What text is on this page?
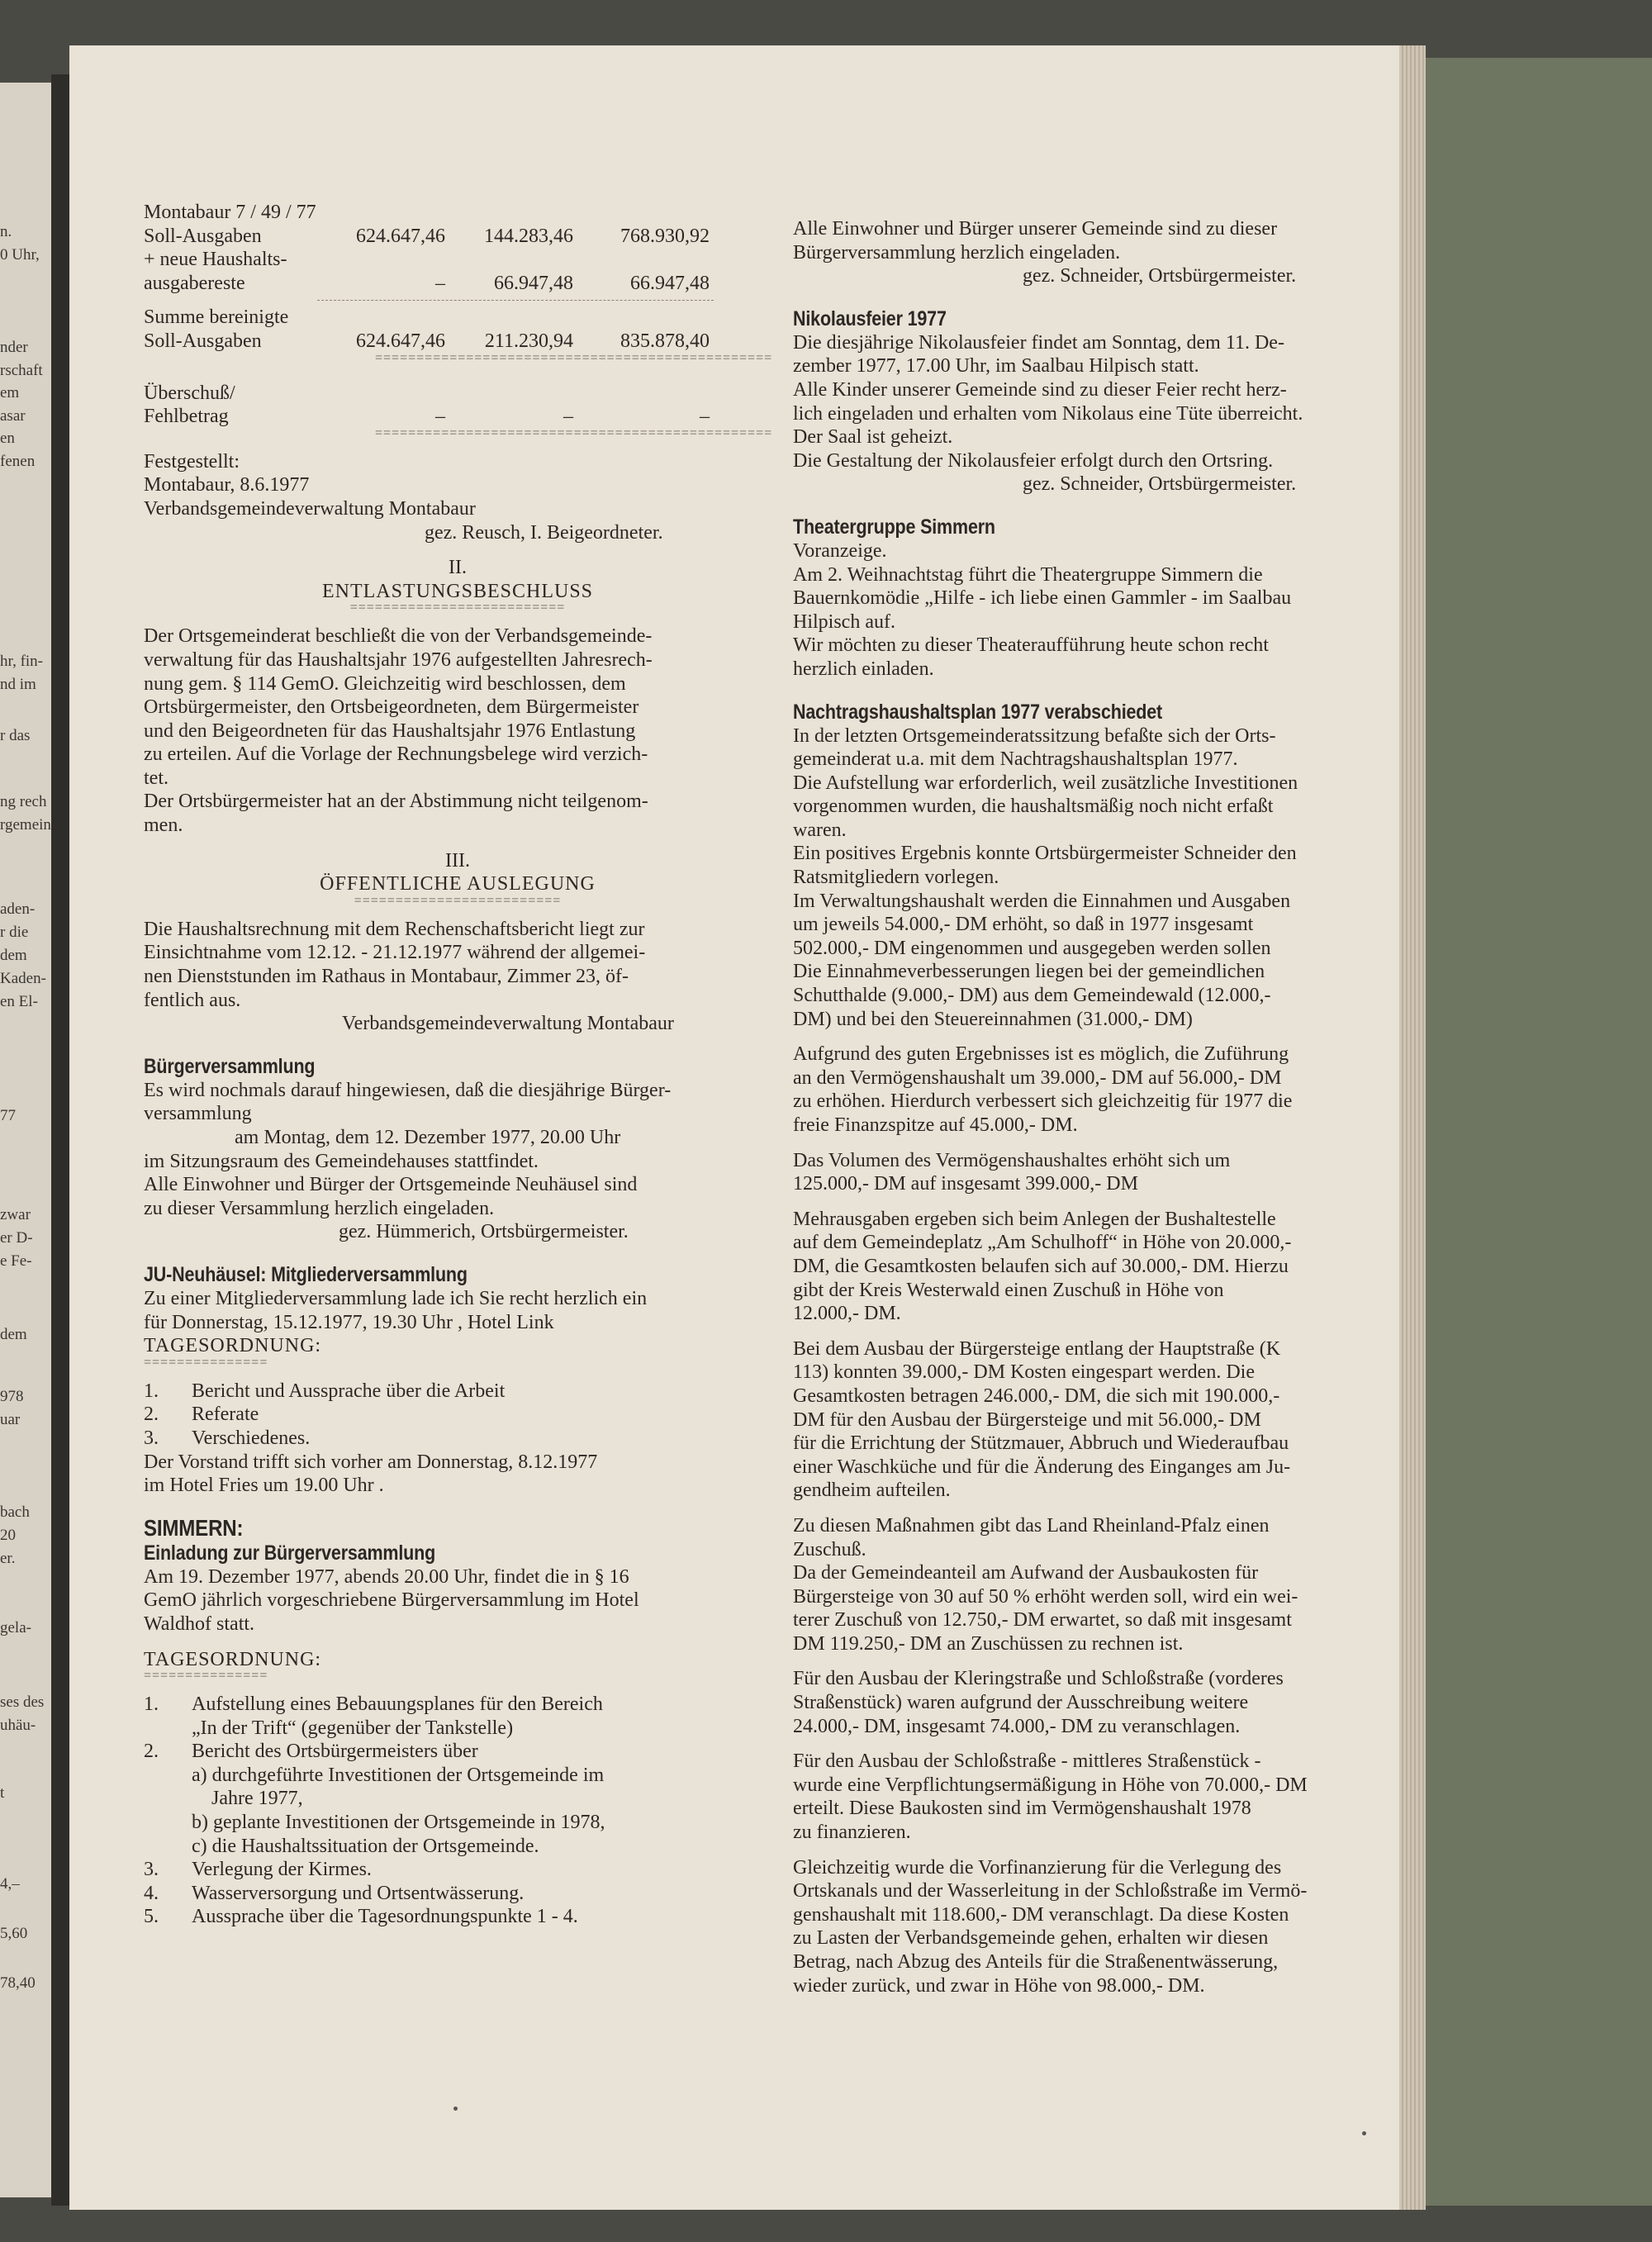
n.
0 Uhr,
nder
rschaft
em
asar
en
fenen
hr, fin-
nd im
r das
ng rech
rgemein
aden-
r die
dem
Kaden-
en El-
77
zwar
er D-
e Fe-
dem
978
uar
bach
20
er.
gela-
ses des
uhäu-
t
4,–
5,60
78,40
Montabaur 7 / 49 / 77
Soll-Ausgaben	624.647,46	144.283,46	768.930,92
+ neue Haushalts-			
ausgabereste	–	66.947,48	66.947,48
Summe bereinigte			
Soll-Ausgaben	624.647,46	211.230,94	835.878,40
================================================
Überschuß/			
Fehlbetrag	–	–	–
================================================
Festgestellt:
Montabaur, 8.6.1977
Verbandsgemeindeverwaltung Montabaur
gez. Reusch, I. Beigeordneter.
II.
ENTLASTUNGSBESCHLUSS
==========================
Der Ortsgemeinderat beschließt die von der Verbandsgemeinde-
verwaltung für das Haushaltsjahr 1976 aufgestellten Jahresrech-
nung gem. § 114 GemO. Gleichzeitig wird beschlossen, dem
Ortsbürgermeister, den Ortsbeigeordneten, dem Bürgermeister
und den Beigeordneten für das Haushaltsjahr 1976 Entlastung
zu erteilen. Auf die Vorlage der Rechnungsbelege wird verzich-
tet.
Der Ortsbürgermeister hat an der Abstimmung nicht teilgenom-
men.
III.
ÖFFENTLICHE AUSLEGUNG
=========================
Die Haushaltsrechnung mit dem Rechenschaftsbericht liegt zur
Einsichtnahme vom 12.12. - 21.12.1977 während der allgemei-
nen Dienststunden im Rathaus in Montabaur, Zimmer 23, öf-
fentlich aus.
Verbandsgemeindeverwaltung Montabaur
Bürgerversammlung
Es wird nochmals darauf hingewiesen, daß die diesjährige Bürger-
versammlung
am Montag, dem 12. Dezember 1977, 20.00 Uhr
im Sitzungsraum des Gemeindehauses stattfindet.
Alle Einwohner und Bürger der Ortsgemeinde Neuhäusel sind
zu dieser Versammlung herzlich eingeladen.
gez. Hümmerich, Ortsbürgermeister.
JU-Neuhäusel: Mitgliederversammlung
Zu einer Mitgliederversammlung lade ich Sie recht herzlich ein
für Donnerstag, 15.12.1977, 19.30 Uhr , Hotel Link
TAGESORDNUNG:
===============
1.	Bericht und Aussprache über die Arbeit
2.	Referate
3.	Verschiedenes.
Der Vorstand trifft sich vorher am Donnerstag, 8.12.1977
im Hotel Fries um 19.00 Uhr .
SIMMERN:
Einladung zur Bürgerversammlung
Am 19. Dezember 1977, abends 20.00 Uhr, findet die in § 16
GemO jährlich vorgeschriebene Bürgerversammlung im Hotel
Waldhof statt.
TAGESORDNUNG:
===============
1.	Aufstellung eines Bebauungsplanes für den Bereich
„In der Trift“ (gegenüber der Tankstelle)
2.	Bericht des Ortsbürgermeisters über
a) durchgeführte Investitionen der Ortsgemeinde im
Jahre 1977,
b) geplante Investitionen der Ortsgemeinde in 1978,
c) die Haushaltssituation der Ortsgemeinde.
3.	Verlegung der Kirmes.
4.	Wasserversorgung und Ortsentwässerung.
5.	Aussprache über die Tagesordnungspunkte 1 - 4.
Alle Einwohner und Bürger unserer Gemeinde sind zu dieser
Bürgerversammlung herzlich eingeladen.
gez. Schneider, Ortsbürgermeister.
Nikolausfeier 1977
Die diesjährige Nikolausfeier findet am Sonntag, dem 11. De-
zember 1977, 17.00 Uhr, im Saalbau Hilpisch statt.
Alle Kinder unserer Gemeinde sind zu dieser Feier recht herz-
lich eingeladen und erhalten vom Nikolaus eine Tüte überreicht.
Der Saal ist geheizt.
Die Gestaltung der Nikolausfeier erfolgt durch den Ortsring.
gez. Schneider, Ortsbürgermeister.
Theatergruppe Simmern
Voranzeige.
Am 2. Weihnachtstag führt die Theatergruppe Simmern die
Bauernkomödie „Hilfe - ich liebe einen Gammler - im Saalbau
Hilpisch auf.
Wir möchten zu dieser Theateraufführung heute schon recht
herzlich einladen.
Nachtragshaushaltsplan 1977 verabschiedet
In der letzten Ortsgemeinderatssitzung befaßte sich der Orts-
gemeinderat u.a. mit dem Nachtragshaushaltsplan 1977.
Die Aufstellung war erforderlich, weil zusätzliche Investitionen
vorgenommen wurden, die haushaltsmäßig noch nicht erfaßt
waren.
Ein positives Ergebnis konnte Ortsbürgermeister Schneider den
Ratsmitgliedern vorlegen.
Im Verwaltungshaushalt werden die Einnahmen und Ausgaben
um jeweils 54.000,- DM erhöht, so daß in 1977 insgesamt
502.000,- DM eingenommen und ausgegeben werden sollen
Die Einnahmeverbesserungen liegen bei der gemeindlichen
Schutthalde (9.000,- DM) aus dem Gemeindewald (12.000,-
DM) und bei den Steuereinnahmen (31.000,- DM)
Aufgrund des guten Ergebnisses ist es möglich, die Zuführung
an den Vermögenshaushalt um 39.000,- DM auf 56.000,- DM
zu erhöhen. Hierdurch verbessert sich gleichzeitig für 1977 die
freie Finanzspitze auf 45.000,- DM.
Das Volumen des Vermögenshaushaltes erhöht sich um
125.000,- DM auf insgesamt 399.000,- DM
Mehrausgaben ergeben sich beim Anlegen der Bushaltestelle
auf dem Gemeindeplatz „Am Schulhoff“ in Höhe von 20.000,-
DM, die Gesamtkosten belaufen sich auf 30.000,- DM. Hierzu
gibt der Kreis Westerwald einen Zuschuß in Höhe von
12.000,- DM.
Bei dem Ausbau der Bürgersteige entlang der Hauptstraße (K
113) konnten 39.000,- DM Kosten eingespart werden. Die
Gesamtkosten betragen 246.000,- DM, die sich mit 190.000,-
DM für den Ausbau der Bürgersteige und mit 56.000,- DM
für die Errichtung der Stützmauer, Abbruch und Wiederaufbau
einer Waschküche und für die Änderung des Einganges am Ju-
gendheim aufteilen.
Zu diesen Maßnahmen gibt das Land Rheinland-Pfalz einen
Zuschuß.
Da der Gemeindeanteil am Aufwand der Ausbaukosten für
Bürgersteige von 30 auf 50 % erhöht werden soll, wird ein wei-
terer Zuschuß von 12.750,- DM erwartet, so daß mit insgesamt
DM 119.250,- DM an Zuschüssen zu rechnen ist.
Für den Ausbau der Kleringstraße und Schloßstraße (vorderes
Straßenstück) waren aufgrund der Ausschreibung weitere
24.000,- DM, insgesamt 74.000,- DM zu veranschlagen.
Für den Ausbau der Schloßstraße - mittleres Straßenstück -
wurde eine Verpflichtungsermäßigung in Höhe von 70.000,- DM
erteilt. Diese Baukosten sind im Vermögenshaushalt 1978
zu finanzieren.
Gleichzeitig wurde die Vorfinanzierung für die Verlegung des
Ortskanals und der Wasserleitung in der Schloßstraße im Vermö-
genshaushalt mit 118.600,- DM veranschlagt. Da diese Kosten
zu Lasten der Verbandsgemeinde gehen, erhalten wir diesen
Betrag, nach Abzug des Anteils für die Straßenentwässerung,
wieder zurück, und zwar in Höhe von 98.000,- DM.
